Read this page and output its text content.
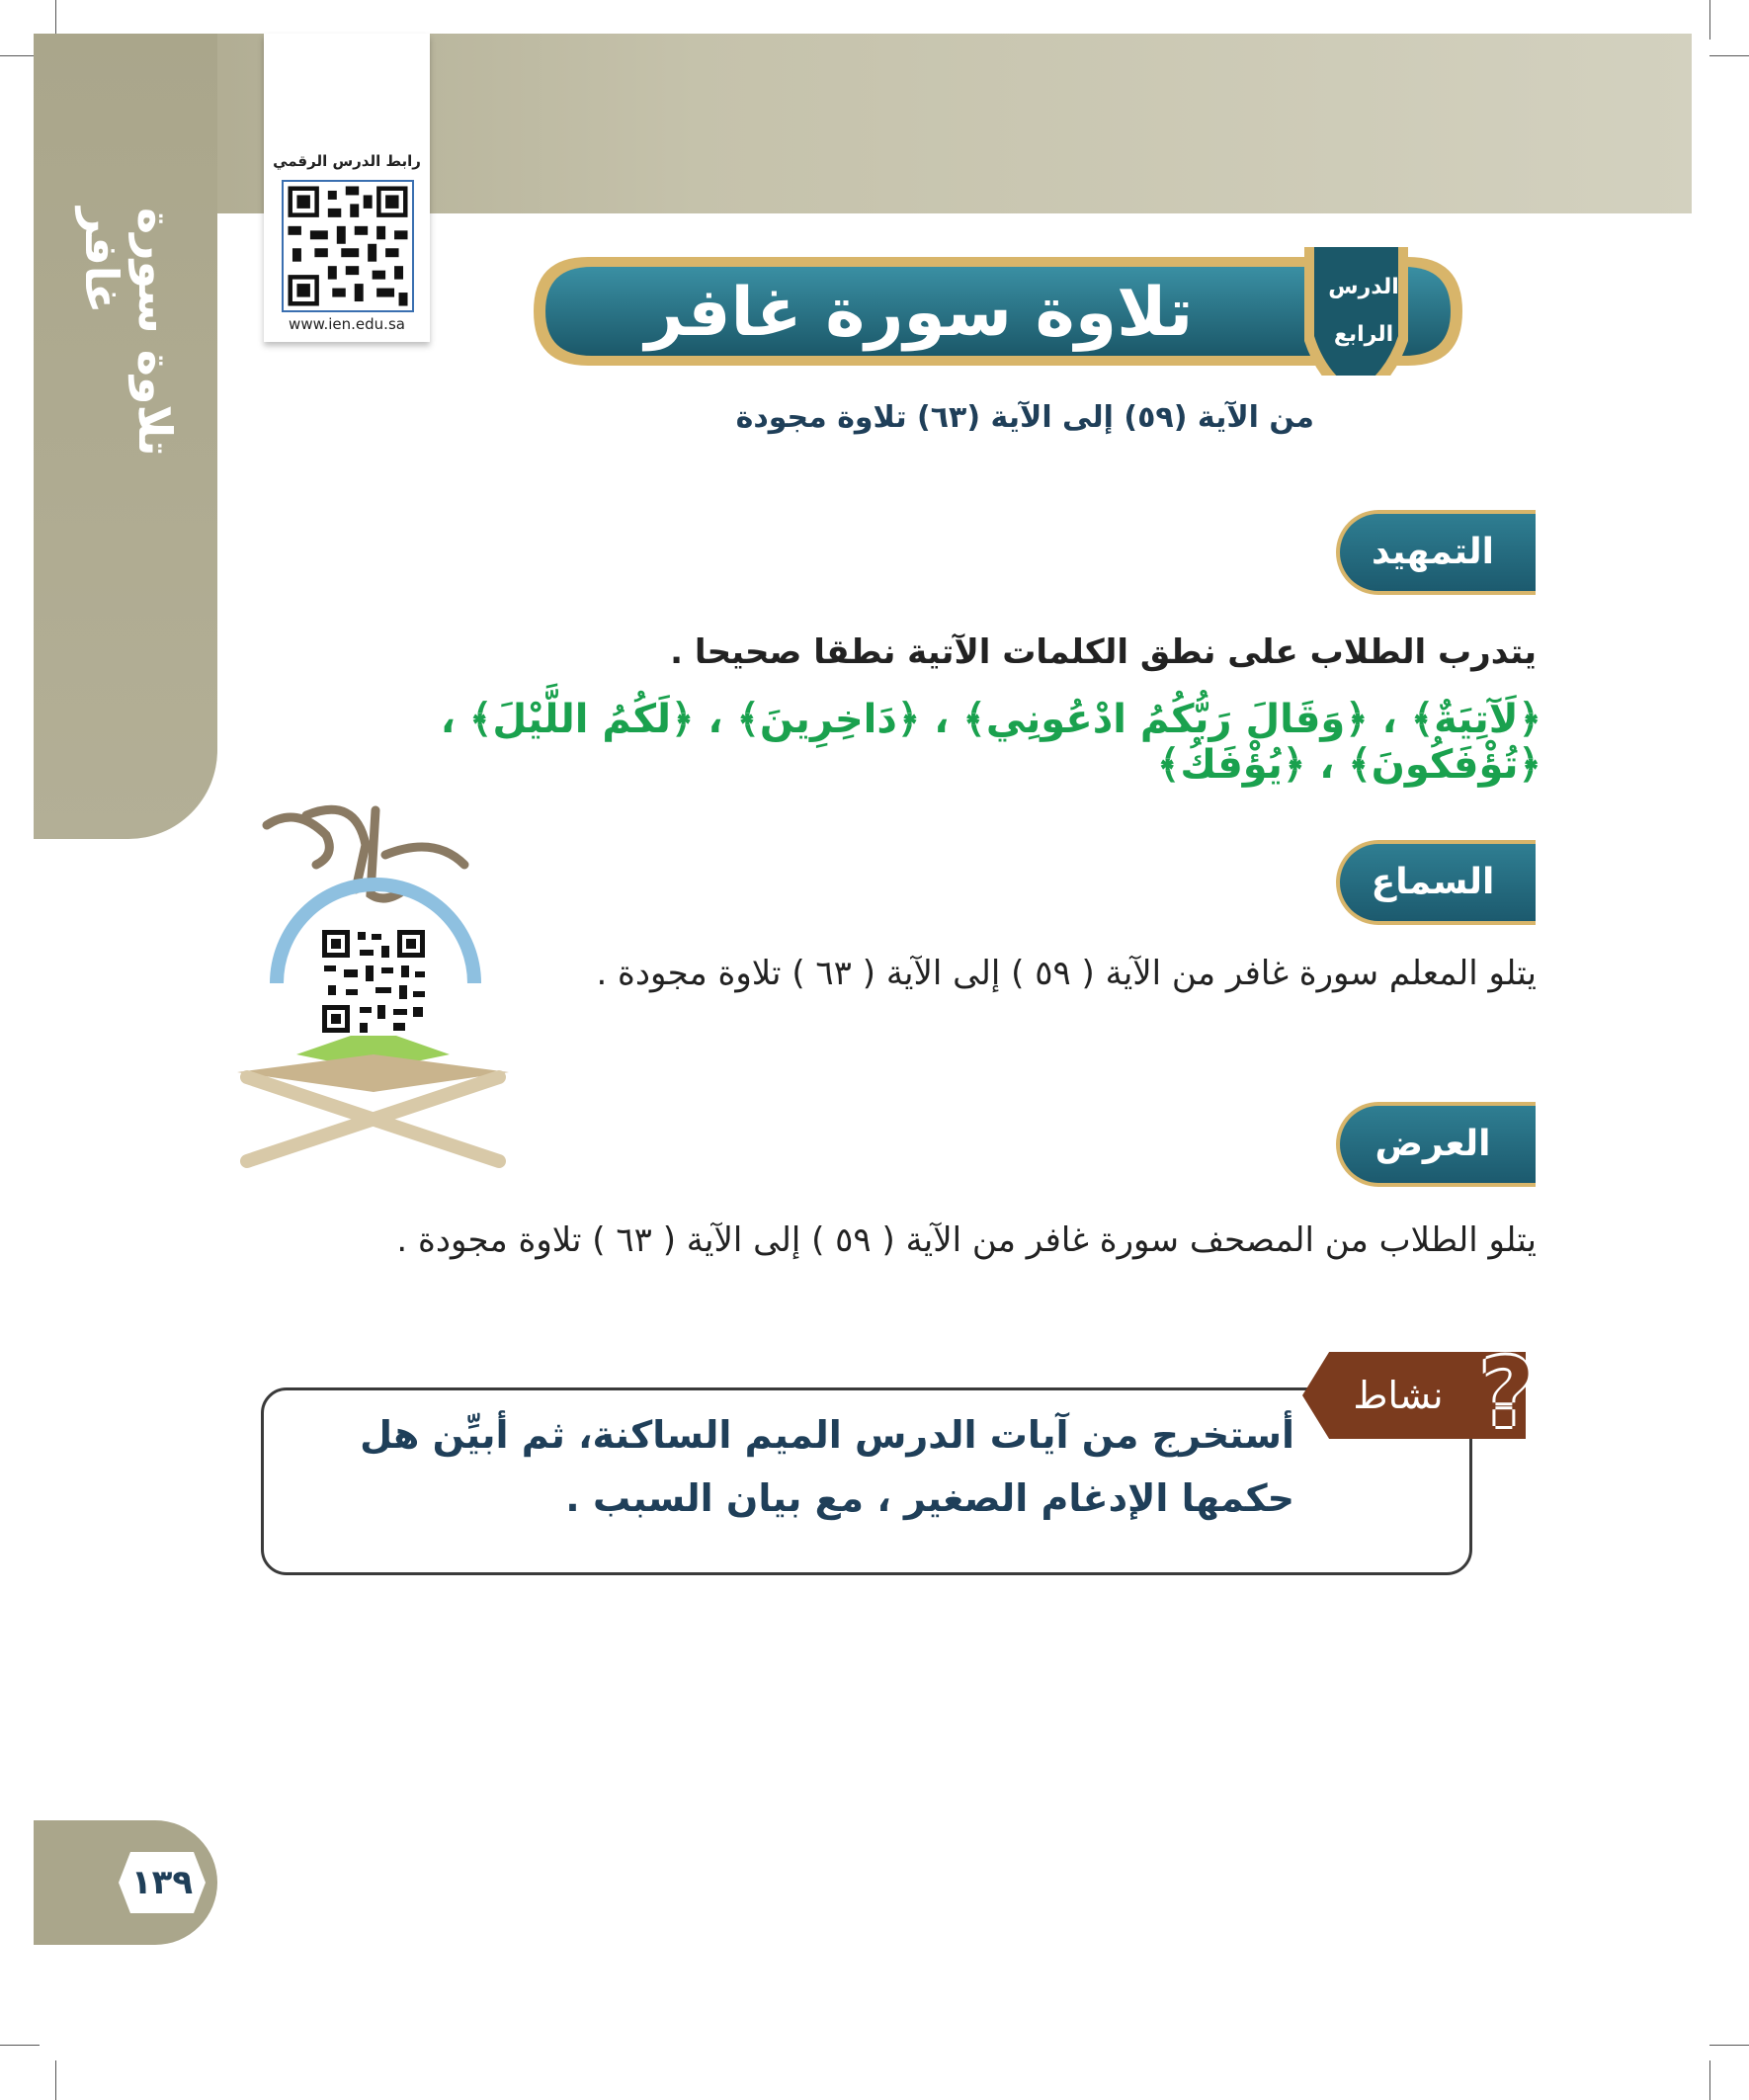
تلاوة سورة غافر
رابط الدرس الرقمي
www.ien.edu.sa	تلاوة سورة غافر	الدرس
الرابع
من الآية (٥٩) إلى الآية (٦٣) تلاوة مجودة
التمهيد
يتدرب الطلاب على نطق الكلمات الآتية نطقا صحيحا .
﴿لَآتِيَةٌ﴾ ، ﴿وَقَالَ رَبُّكُمُ ادْعُونِي﴾ ، ﴿دَاخِرِينَ﴾ ، ﴿لَكُمُ اللَّيْلَ﴾ ، ﴿تُؤْفَكُونَ﴾ ، ﴿يُؤْفَكُ﴾
السماع
يتلو المعلم سورة غافر من الآية ( ٥٩ ) إلى الآية ( ٦٣ ) تلاوة مجودة .
العرض
يتلو الطلاب من المصحف سورة غافر من الآية ( ٥٩ ) إلى الآية ( ٦٣ ) تلاوة مجودة .
نشاط ?
أستخرج من آيات الدرس الميم الساكنة، ثم أبيِّن هل حكمها الإدغام الصغير ، مع بيان السبب .
١٣٩
